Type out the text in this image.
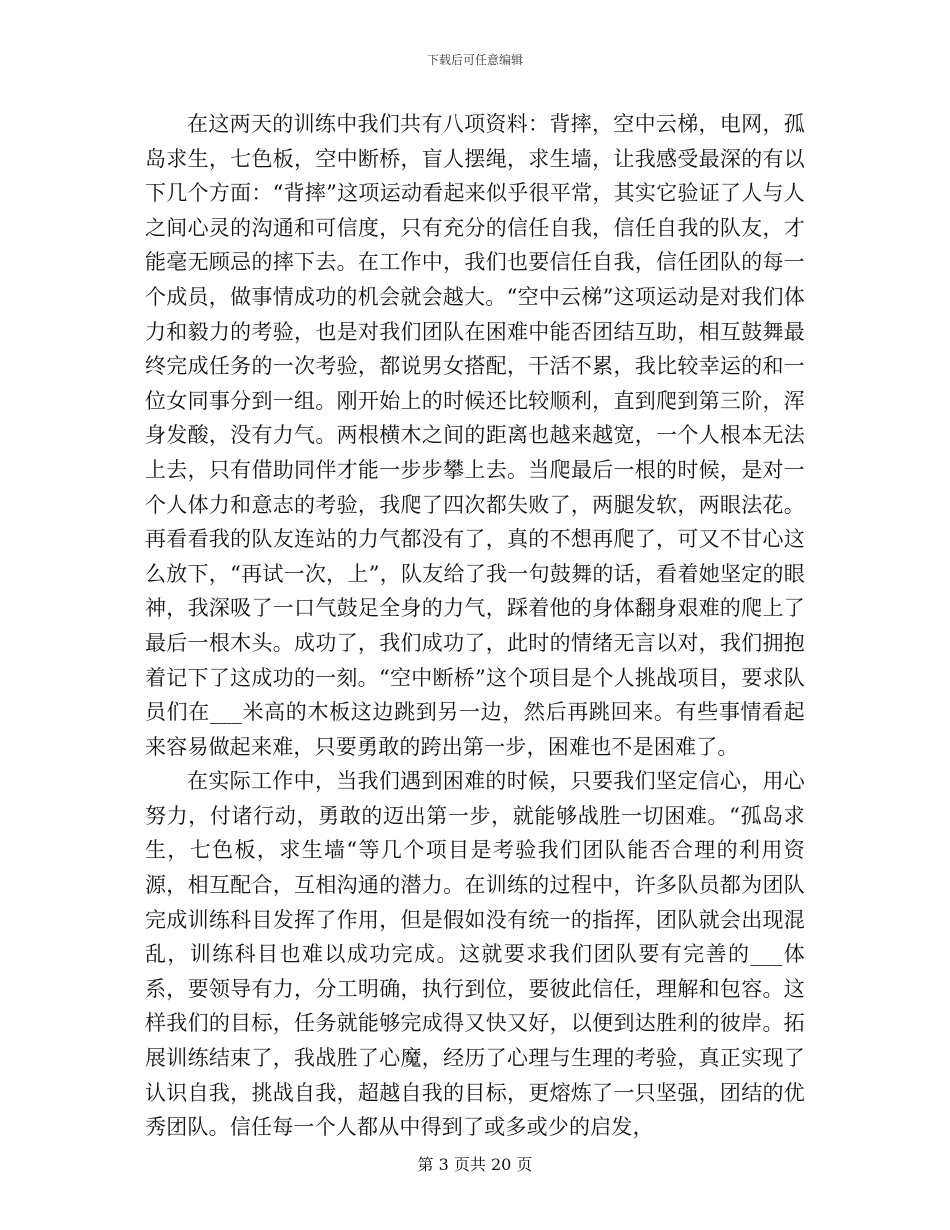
下载后可任意编辑

在这两天的训练中我们共有八项资料：背摔，空中云梯，电网，孤岛求生，七色板，空中断桥，盲人摆绳，求生墙，让我感受最深的有以下几个方面：“背摔”这项运动看起来似乎很平常，其实它验证了人与人之间心灵的沟通和可信度，只有充分的信任自我，信任自我的队友，才能毫无顾忌的摔下去。在工作中，我们也要信任自我，信任团队的每一个成员，做事情成功的机会就会越大。“空中云梯”这项运动是对我们体力和毅力的考验，也是对我们团队在困难中能否团结互助，相互鼓舞最终完成任务的一次考验，都说男女搭配，干活不累，我比较幸运的和一位女同事分到一组。刚开始上的时候还比较顺利，直到爬到第三阶，浑身发酸，没有力气。两根横木之间的距离也越来越宽，一个人根本无法上去，只有借助同伴才能一步步攀上去。当爬最后一根的时候，是对一个人体力和意志的考验，我爬了四次都失败了，两腿发软，两眼法花。再看看我的队友连站的力气都没有了，真的不想再爬了，可又不甘心这么放下，“再试一次，上”，队友给了我一句鼓舞的话，看着她坚定的眼神，我深吸了一口气鼓足全身的力气，踩着他的身体翻身艰难的爬上了最后一根木头。成功了，我们成功了，此时的情绪无言以对，我们拥抱着记下了这成功的一刻。“空中断桥”这个项目是个人挑战项目，要求队员们在___米高的木板这边跳到另一边，然后再跳回来。有些事情看起来容易做起来难，只要勇敢的跨出第一步，困难也不是困难了。

在实际工作中，当我们遇到困难的时候，只要我们坚定信心，用心努力，付诸行动，勇敢的迈出第一步，就能够战胜一切困难。“孤岛求生，七色板，求生墙“等几个项目是考验我们团队能否合理的利用资源，相互配合，互相沟通的潜力。在训练的过程中，许多队员都为团队完成训练科目发挥了作用，但是假如没有统一的指挥，团队就会出现混乱，训练科目也难以成功完成。这就要求我们团队要有完善的___体系，要领导有力，分工明确，执行到位，要彼此信任，理解和包容。这样我们的目标，任务就能够完成得又快又好，以便到达胜利的彼岸。拓展训练结束了，我战胜了心魔，经历了心理与生理的考验，真正实现了认识自我，挑战自我，超越自我的目标，更熔炼了一只坚强，团结的优秀团队。信任每一个人都从中得到了或多或少的启发，

第 3 页共 20 页
